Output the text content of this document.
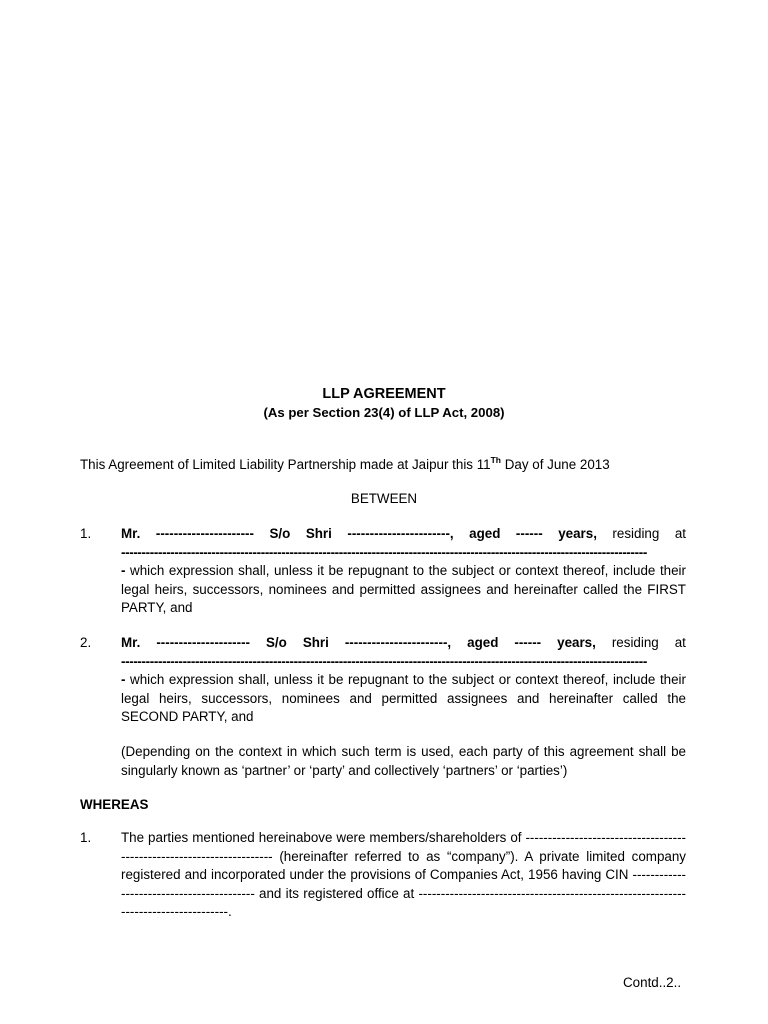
LLP AGREEMENT
(As per Section 23(4) of LLP Act, 2008)
This Agreement of Limited Liability Partnership made at Jaipur this 11Th Day of June 2013
BETWEEN
1.	Mr. ---------------------- S/o Shri -----------------------, aged ------ years, residing at
--------------------------------------------------------------------------------------------------------------------------------
- which expression shall, unless it be repugnant to the subject or context thereof, include their legal heirs, successors, nominees and permitted assignees and hereinafter called the FIRST PARTY, and
2.	Mr. --------------------- S/o Shri -----------------------, aged ------ years, residing at
--------------------------------------------------------------------------------------------------------------------------------
- which expression shall, unless it be repugnant to the subject or context thereof, include their legal heirs, successors, nominees and permitted assignees and hereinafter called the SECOND PARTY, and
(Depending on the context in which such term is used, each party of this agreement shall be singularly known as ‘partner’ or ‘party’ and collectively ‘partners’ or ‘parties’)
WHEREAS
1.	The parties mentioned hereinabove were members/shareholders of ---------------------------------------------------------------------- (hereinafter referred to as “company”). A private limited company registered and incorporated under the provisions of Companies Act, 1956 having CIN ------------------------------------------ and its registered office at ------------------------------------------------------------------------------------.
Contd..2..
